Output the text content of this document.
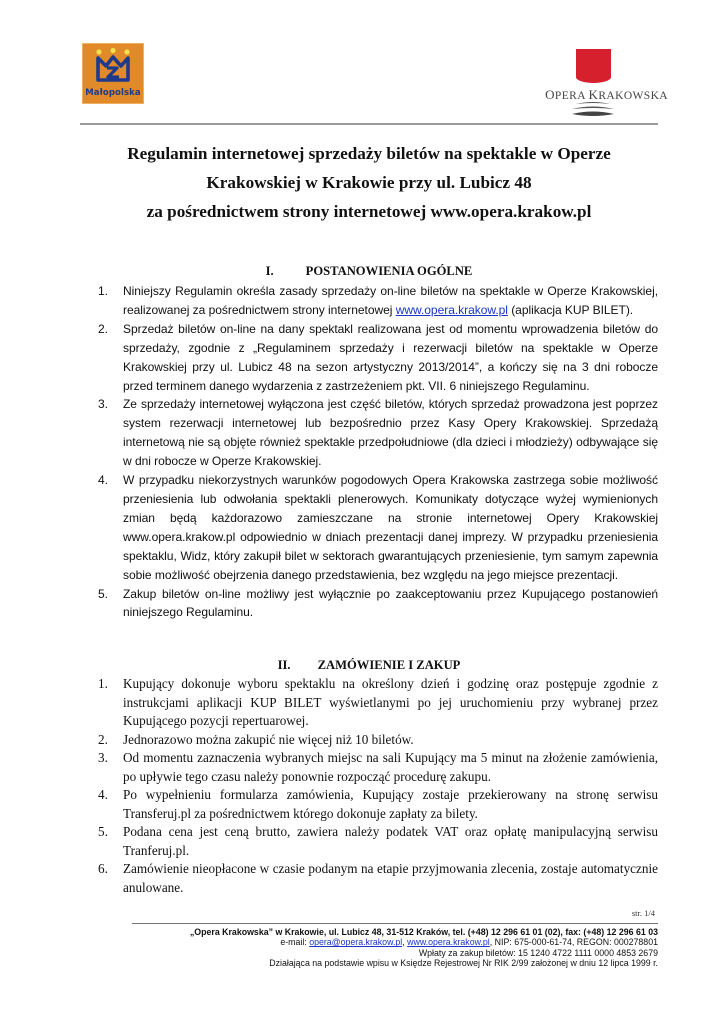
Małopolska	OPERA KRAKOWSKA
Regulamin internetowej sprzedaży biletów na spektakle w Operze
Krakowskiej w Krakowie przy ul. Lubicz 48
za pośrednictwem strony internetowej www.opera.krakow.pl
I.	POSTANOWIENIA OGÓLNE
1. Niniejszy Regulamin określa zasady sprzedaży on-line biletów na spektakle w Operze Krakowskiej, realizowanej za pośrednictwem strony internetowej www.opera.krakow.pl (aplikacja KUP BILET).
2. Sprzedaż biletów on-line na dany spektakl realizowana jest od momentu wprowadzenia biletów do sprzedaży, zgodnie z „Regulaminem sprzedaży i rezerwacji biletów na spektakle w Operze Krakowskiej przy ul. Lubicz 48 na sezon artystyczny 2013/2014”, a kończy się na 3 dni robocze przed terminem danego wydarzenia z zastrzeżeniem pkt. VII. 6 niniejszego Regulaminu.
3. Ze sprzedaży internetowej wyłączona jest część biletów, których sprzedaż prowadzona jest poprzez system rezerwacji internetowej lub bezpośrednio przez Kasy Opery Krakowskiej. Sprzedażą internetową nie są objęte również spektakle przedpołudniowe (dla dzieci i młodzieży) odbywające się w dni robocze w Operze Krakowskiej.
4. W przypadku niekorzystnych warunków pogodowych Opera Krakowska zastrzega sobie możliwość przeniesienia lub odwołania spektakli plenerowych. Komunikaty dotyczące wyżej wymienionych zmian będą każdorazowo zamieszczane na stronie internetowej Opery Krakowskiej www.opera.krakow.pl odpowiednio w dniach prezentacji danej imprezy. W przypadku przeniesienia spektaklu, Widz, który zakupił bilet w sektorach gwarantujących przeniesienie, tym samym zapewnia sobie możliwość obejrzenia danego przedstawienia, bez względu na jego miejsce prezentacji.
5. Zakup biletów on-line możliwy jest wyłącznie po zaakceptowaniu przez Kupującego postanowień niniejszego Regulaminu.
II. ZAMÓWIENIE I ZAKUP
1. Kupujący dokonuje wyboru spektaklu na określony dzień i godzinę oraz postępuje zgodnie z instrukcjami aplikacji KUP BILET wyświetlanymi po jej uruchomieniu przy wybranej przez Kupującego pozycji repertuarowej.
2. Jednorazowo można zakupić nie więcej niż 10 biletów.
3. Od momentu zaznaczenia wybranych miejsc na sali Kupujący ma 5 minut na złożenie zamówienia, po upływie tego czasu należy ponownie rozpocząć procedurę zakupu.
4. Po wypełnieniu formularza zamówienia, Kupujący zostaje przekierowany na stronę serwisu Transferuj.pl za pośrednictwem którego dokonuje zapłaty za bilety.
5. Podana cena jest ceną brutto, zawiera należy podatek VAT oraz opłatę manipulacyjną serwisu Tranferuj.pl.
6. Zamówienie nieopłacone w czasie podanym na etapie przyjmowania zlecenia, zostaje automatycznie anulowane.
str. 1/4
„Opera Krakowska” w Krakowie, ul. Lubicz 48, 31-512 Kraków, tel. (+48) 12 296 61 01 (02), fax: (+48) 12 296 61 03
e-mail: opera@opera.krakow.pl, www.opera.krakow.pl, NIP: 675-000-61-74, REGON: 000278801
Wpłaty za zakup biletów: 15 1240 4722 1111 0000 4853 2679
Działająca na podstawie wpisu w Księdze Rejestrowej Nr RIK 2/99 założonej w dniu 12 lipca 1999 r.
